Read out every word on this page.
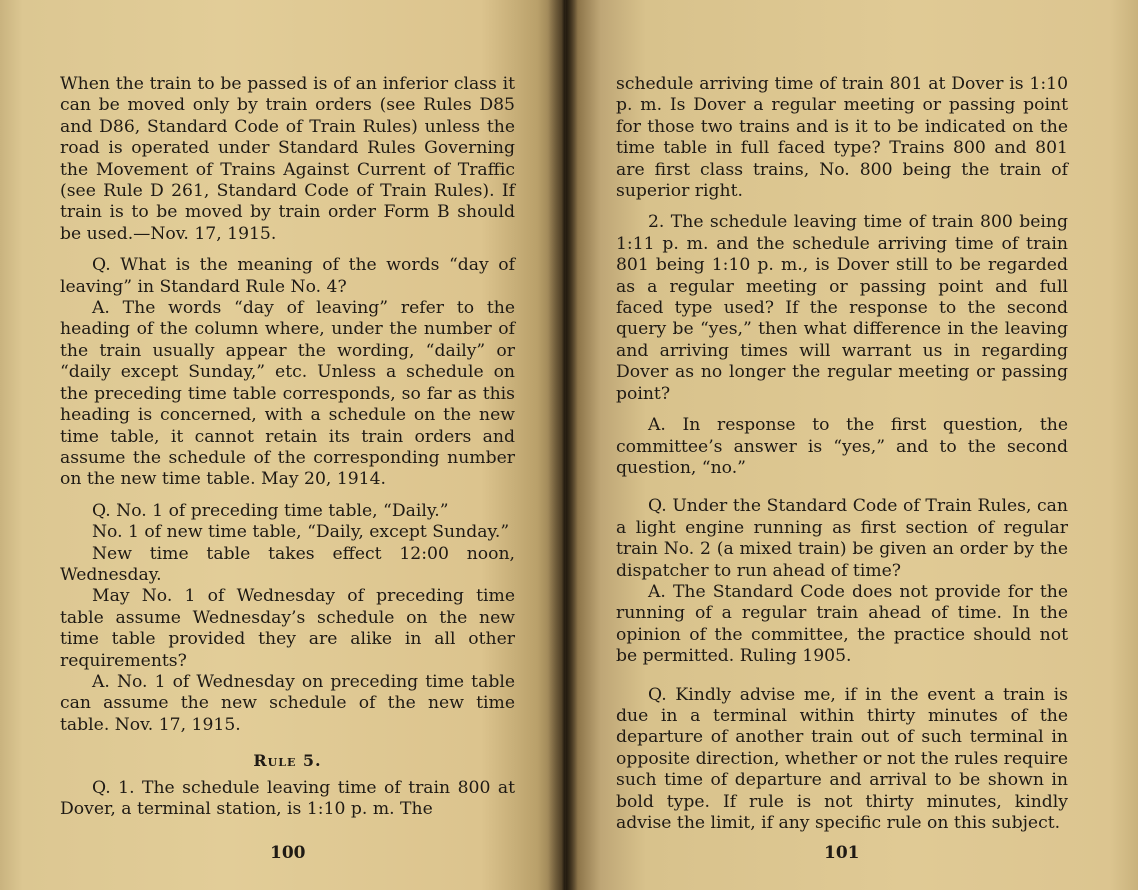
When the train to be passed is of an inferior class it can be moved only by train orders (see Rules D85 and D86, Standard Code of Train Rules) unless the road is operated under Standard Rules Governing the Movement of Trains Against Current of Traffic (see Rule D 261, Standard Code of Train Rules). If train is to be moved by train order Form B should be used.—Nov. 17, 1915.

Q. What is the meaning of the words “day of leaving” in Standard Rule No. 4?

A. The words “day of leaving” refer to the heading of the column where, under the number of the train usually appear the wording, “daily” or “daily except Sunday,” etc. Unless a schedule on the preceding time table corresponds, so far as this heading is concerned, with a schedule on the new time table, it cannot retain its train orders and assume the schedule of the corresponding number on the new time table. May 20, 1914.

Q. No. 1 of preceding time table, “Daily.”

No. 1 of new time table, “Daily, except Sunday.”

New time table takes effect 12:00 noon, Wednesday.

May No. 1 of Wednesday of preceding time table assume Wednesday’s schedule on the new time table provided they are alike in all other requirements?

A. No. 1 of Wednesday on preceding time table can assume the new schedule of the new time table. Nov. 17, 1915.

Rule 5.

Q. 1. The schedule leaving time of train 800 at Dover, a terminal station, is 1:10 p. m. The

100	101

schedule arriving time of train 801 at Dover is 1:10 p. m. Is Dover a regular meeting or passing point for those two trains and is it to be indicated on the time table in full faced type? Trains 800 and 801 are first class trains, No. 800 being the train of superior right.

2. The schedule leaving time of train 800 being 1:11 p. m. and the schedule arriving time of train 801 being 1:10 p. m., is Dover still to be regarded as a regular meeting or passing point and full faced type used? If the response to the second query be “yes,” then what difference in the leaving and arriving times will warrant us in regarding Dover as no longer the regular meeting or passing point?

A. In response to the first question, the committee’s answer is “yes,” and to the second question, “no.”

Q. Under the Standard Code of Train Rules, can a light engine running as first section of regular train No. 2 (a mixed train) be given an order by the dispatcher to run ahead of time?

A. The Standard Code does not provide for the running of a regular train ahead of time. In the opinion of the committee, the practice should not be permitted. Ruling 1905.

Q. Kindly advise me, if in the event a train is due in a terminal within thirty minutes of the departure of another train out of such terminal in opposite direction, whether or not the rules require such time of departure and arrival to be shown in bold type. If rule is not thirty minutes, kindly advise the limit, if any specific rule on this subject.
